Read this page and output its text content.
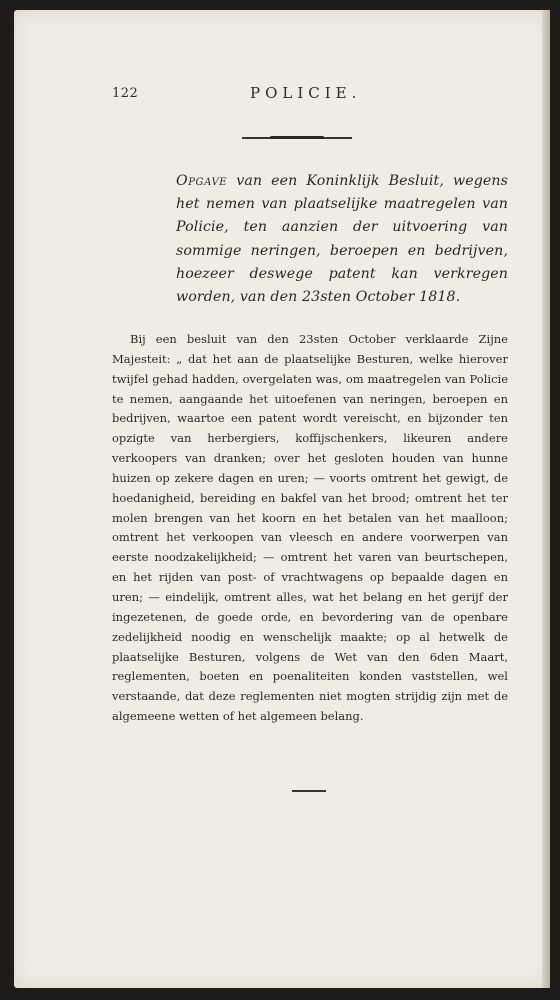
122	POLICIE.
Opgave van een Koninklijk Besluit, wegens het nemen van plaatselijke maatregelen van Policie, ten aanzien der uitvoering van sommige neringen, beroepen en bedrijven, hoezeer deswege patent kan verkregen worden, van den 23sten October 1818.

Bij een besluit van den 23sten October verklaarde Zijne Majesteit: „ dat het aan de plaatselijke Besturen, welke hierover twijfel gehad hadden, overgelaten was, om maatregelen van Policie te nemen, aangaande het uitoefenen van neringen, beroepen en bedrijven, waartoe een patent wordt vereischt, en bijzonder ten opzigte van herbergiers, koffijschenkers, likeuren andere verkoopers van dranken; over het gesloten houden van hunne huizen op zekere dagen en uren; — voorts omtrent het gewigt, de hoedanigheid, bereiding en bakfel van het brood; omtrent het ter molen brengen van het koorn en het betalen van het maalloon; omtrent het verkoopen van vleesch en andere voorwerpen van eerste noodzakelijkheid; — omtrent het varen van beurtschepen, en het rijden van post- of vrachtwagens op bepaalde dagen en uren; — eindelijk, omtrent alles, wat het belang en het gerijf der ingezetenen, de goede orde, en bevordering van de openbare zedelijkheid noodig en wenschelijk maakte; op al hetwelk de plaatselijke Besturen, volgens de Wet van den 6den Maart, reglementen, boeten en poenaliteiten konden vaststellen, wel verstaande, dat deze reglementen niet mogten strijdig zijn met de algemeene wetten of het algemeen belang.
